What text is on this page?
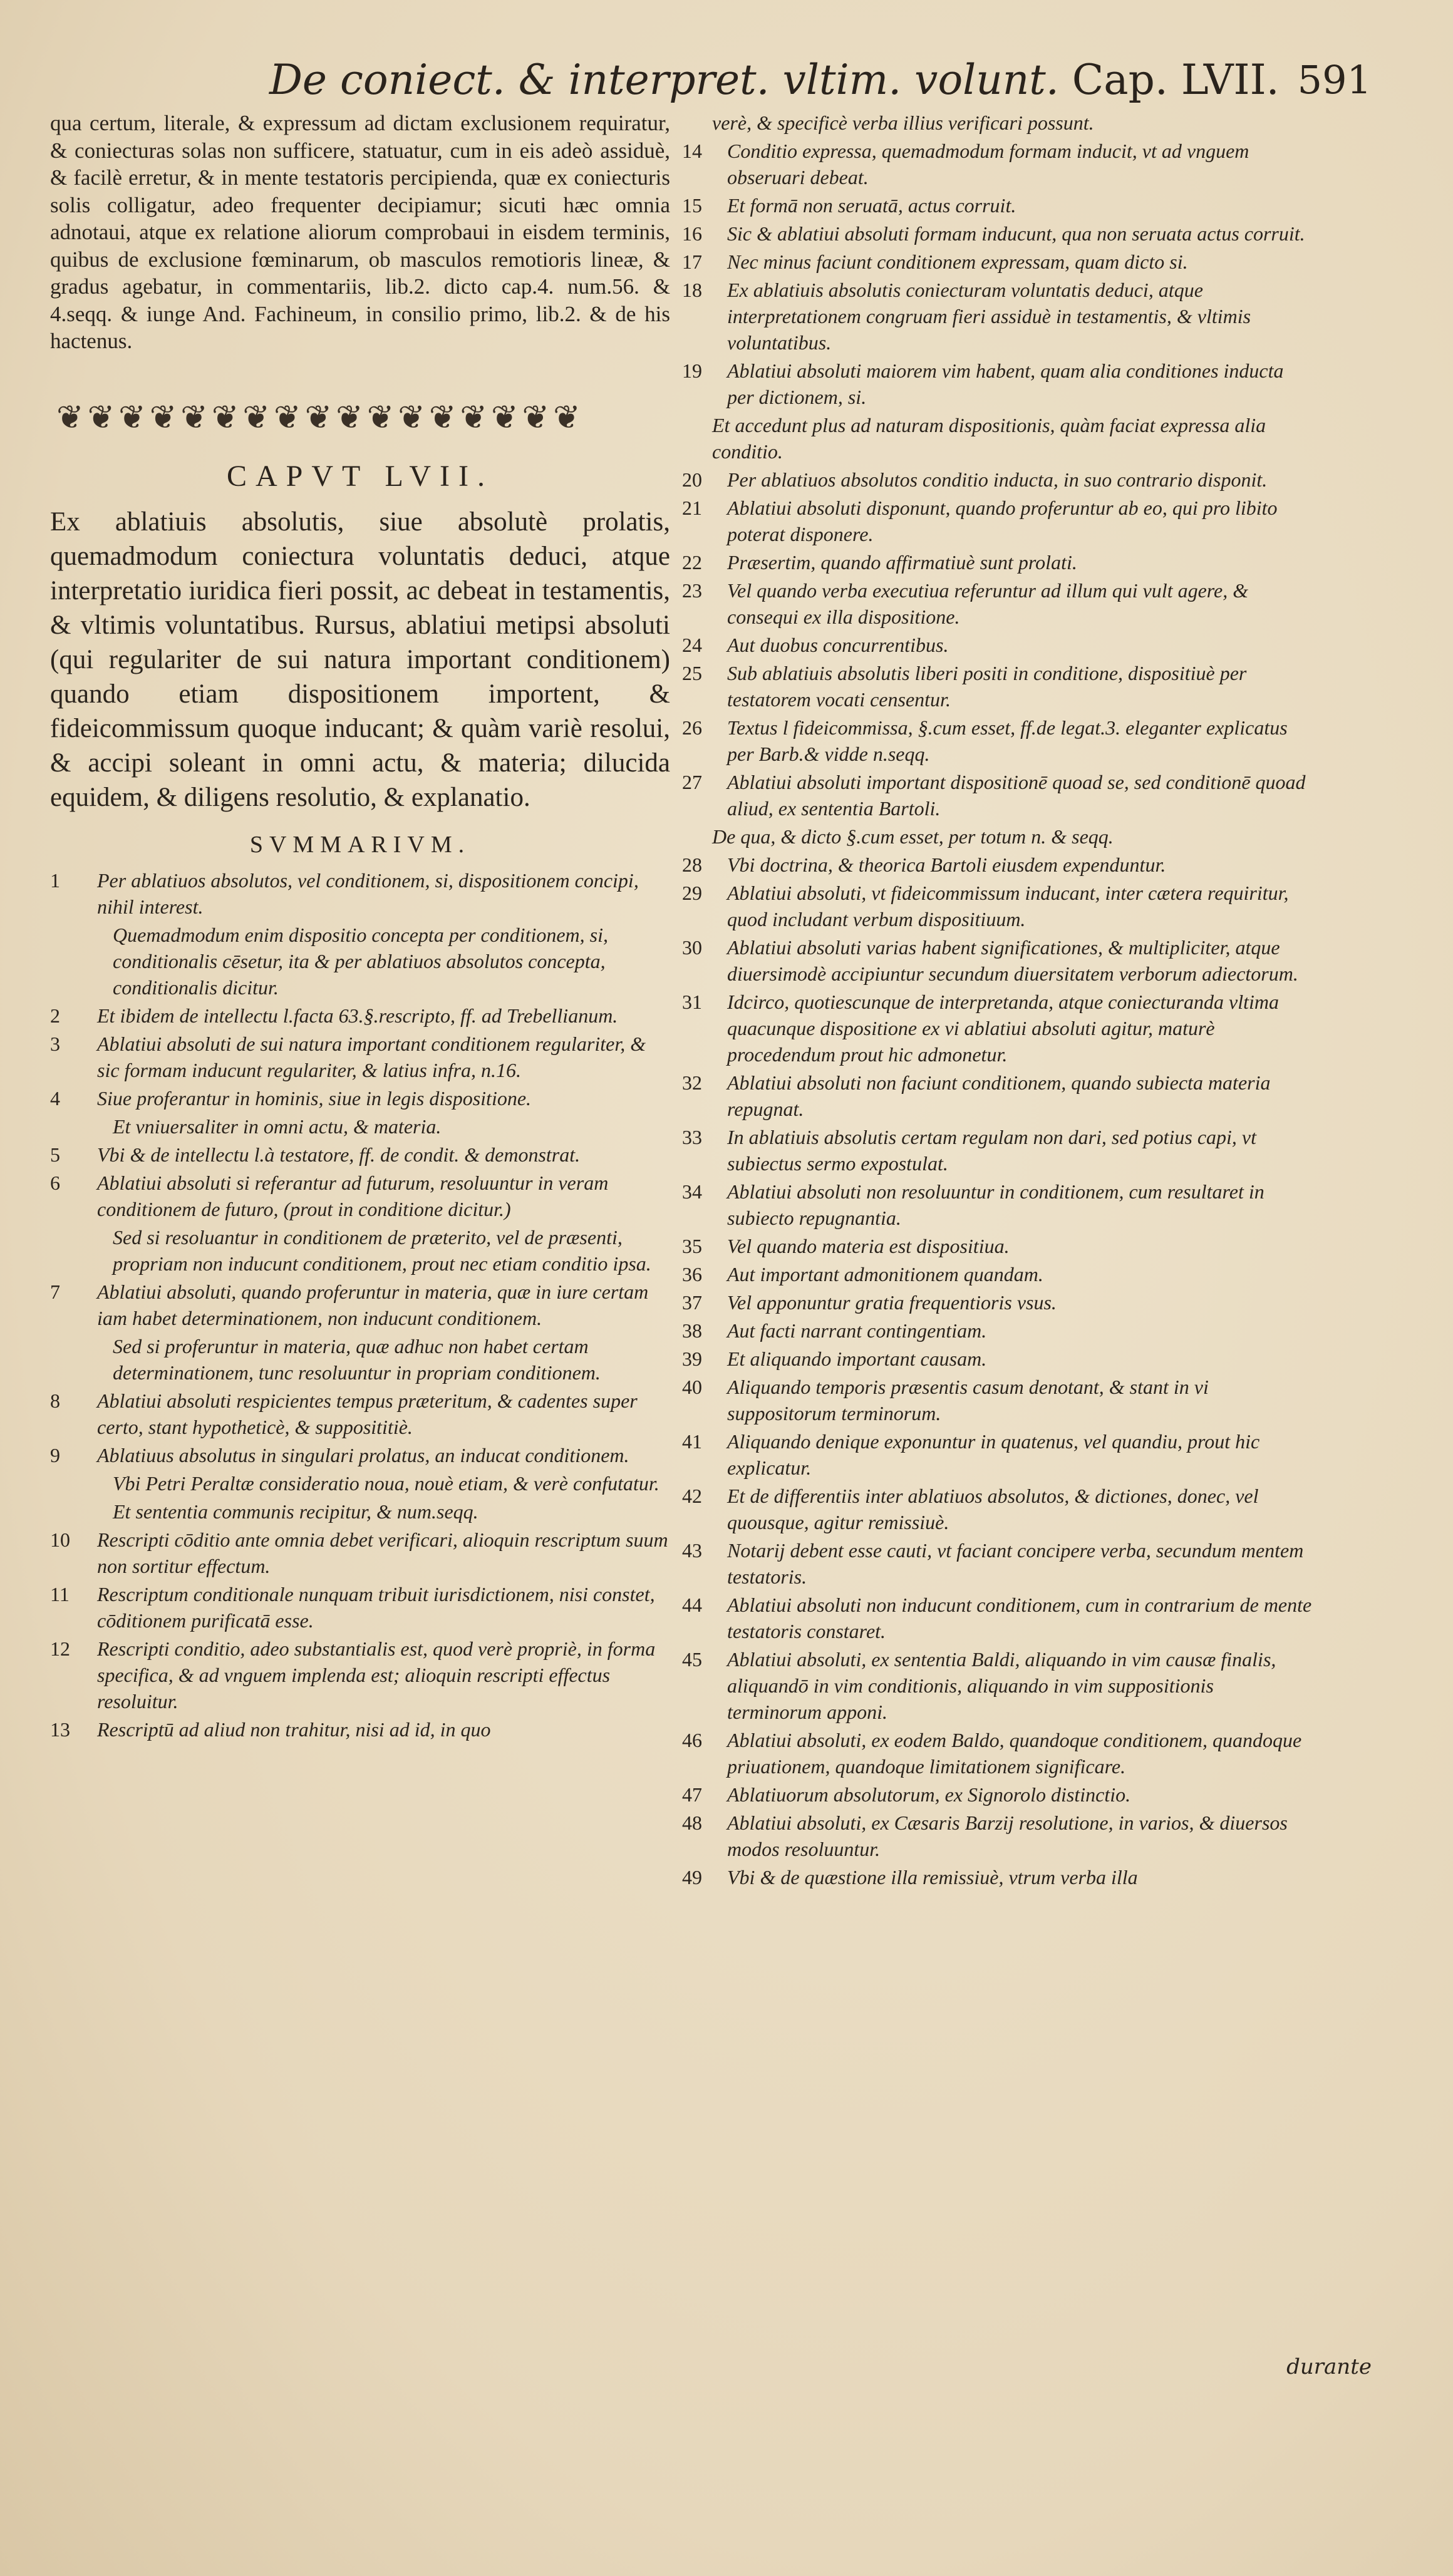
De coniect. & interpret. vltim. volunt. Cap. LVII. 591

qua certum, literale, & expressum ad dictam exclusionem requiratur, & coniecturas solas non sufficere, statuatur, cum in eis adeò assiduè, & facilè erretur, & in mente testatoris percipienda, quæ ex coniecturis solis colligatur, adeo frequenter decipiamur; sicuti hæc omnia adnotaui, atque ex relatione aliorum comprobaui in eisdem terminis, quibus de exclusione fœminarum, ob masculos remotioris lineæ, & gradus agebatur, in commentariis, lib.2. dicto cap.4. num.56. & 4.seqq. & iunge And. Fachineum, in consilio primo, lib.2. & de his hactenus.

❦❦❦❦❦❦❦❦❦❦❦❦❦❦❦❦❦
CAPVT LVII.

Ex ablatiuis absolutis, siue absolutè prolatis, quemadmodum coniectura voluntatis deduci, atque interpretatio iuridica fieri possit, ac debeat in testamentis, & vltimis voluntatibus. Rursus, ablatiui metipsi absoluti (qui regulariter de sui natura important conditionem) quando etiam dispositionem importent, & fideicommissum quoque inducant; & quàm variè resolui, & accipi soleant in omni actu, & materia; dilucida equidem, & diligens resolutio, & explanatio.

SVMMARIVM.
1	Per ablatiuos absolutos, vel conditionem, si, dispositionem concipi, nihil interest.
Quemadmodum enim dispositio concepta per conditionem, si, conditionalis cēsetur, ita & per ablatiuos absolutos concepta, conditionalis dicitur.
2	Et ibidem de intellectu l.facta 63.§.rescripto, ff. ad Trebellianum.
3	Ablatiui absoluti de sui natura important conditionem regulariter, & sic formam inducunt regulariter, & latius infra, n.16.
4	Siue proferantur in hominis, siue in legis dispositione.
Et vniuersaliter in omni actu, & materia.
5	Vbi & de intellectu l.à testatore, ff. de condit. & demonstrat.
6	Ablatiui absoluti si referantur ad futurum, resoluuntur in veram conditionem de futuro, (prout in conditione dicitur.)
Sed si resoluantur in conditionem de præterito, vel de præsenti, propriam non inducunt conditionem, prout nec etiam conditio ipsa.
7	Ablatiui absoluti, quando proferuntur in materia, quæ in iure certam iam habet determinationem, non inducunt conditionem.
Sed si proferuntur in materia, quæ adhuc non habet certam determinationem, tunc resoluuntur in propriam conditionem.
8	Ablatiui absoluti respicientes tempus præteritum, & cadentes super certo, stant hypotheticè, & supposititiè.
9	Ablatiuus absolutus in singulari prolatus, an inducat conditionem.
Vbi Petri Peraltæ consideratio noua, nouè etiam, & verè confutatur.
Et sententia communis recipitur, & num.seqq.
10	Rescripti cōditio ante omnia debet verificari, alioquin rescriptum suum non sortitur effectum.
11	Rescriptum conditionale nunquam tribuit iurisdictionem, nisi constet, cōditionem purificatā esse.
12	Rescripti conditio, adeo substantialis est, quod verè propriè, in forma specifica, & ad vnguem implenda est; alioquin rescripti effectus resoluitur.
13	Rescriptū ad aliud non trahitur, nisi ad id, in quo
verè, & specificè verba illius verificari possunt.
14	Conditio expressa, quemadmodum formam inducit, vt ad vnguem obseruari debeat.
15	Et formā non seruatā, actus corruit.
16	Sic & ablatiui absoluti formam inducunt, qua non seruata actus corruit.
17	Nec minus faciunt conditionem expressam, quam dicto si.
18	Ex ablatiuis absolutis coniecturam voluntatis deduci, atque interpretationem congruam fieri assiduè in testamentis, & vltimis voluntatibus.
19	Ablatiui absoluti maiorem vim habent, quam alia conditiones inducta per dictionem, si.
Et accedunt plus ad naturam dispositionis, quàm faciat expressa alia conditio.
20	Per ablatiuos absolutos conditio inducta, in suo contrario disponit.
21	Ablatiui absoluti disponunt, quando proferuntur ab eo, qui pro libito poterat disponere.
22	Præsertim, quando affirmatiuè sunt prolati.
23	Vel quando verba executiua referuntur ad illum qui vult agere, & consequi ex illa dispositione.
24	Aut duobus concurrentibus.
25	Sub ablatiuis absolutis liberi positi in conditione, dispositiuè per testatorem vocati censentur.
26	Textus l fideicommissa, §.cum esset, ff.de legat.3. eleganter explicatus per Barb.& vidde n.seqq.
27	Ablatiui absoluti important dispositionē quoad se, sed conditionē quoad aliud, ex sententia Bartoli.
De qua, & dicto §.cum esset, per totum n. & seqq.
28	Vbi doctrina, & theorica Bartoli eiusdem expenduntur.
29	Ablatiui absoluti, vt fideicommissum inducant, inter cætera requiritur, quod includant verbum dispositiuum.
30	Ablatiui absoluti varias habent significationes, & multipliciter, atque diuersimodè accipiuntur secundum diuersitatem verborum adiectorum.
31	Idcirco, quotiescunque de interpretanda, atque coniecturanda vltima quacunque dispositione ex vi ablatiui absoluti agitur, maturè procedendum prout hic admonetur.
32	Ablatiui absoluti non faciunt conditionem, quando subiecta materia repugnat.
33	In ablatiuis absolutis certam regulam non dari, sed potius capi, vt subiectus sermo expostulat.
34	Ablatiui absoluti non resoluuntur in conditionem, cum resultaret in subiecto repugnantia.
35	Vel quando materia est dispositiua.
36	Aut important admonitionem quandam.
37	Vel apponuntur gratia frequentioris vsus.
38	Aut facti narrant contingentiam.
39	Et aliquando important causam.
40	Aliquando temporis præsentis casum denotant, & stant in vi suppositorum terminorum.
41	Aliquando denique exponuntur in quatenus, vel quandiu, prout hic explicatur.
42	Et de differentiis inter ablatiuos absolutos, & dictiones, donec, vel quousque, agitur remissiuè.
43	Notarij debent esse cauti, vt faciant concipere verba, secundum mentem testatoris.
44	Ablatiui absoluti non inducunt conditionem, cum in contrarium de mente testatoris constaret.
45	Ablatiui absoluti, ex sententia Baldi, aliquando in vim causæ finalis, aliquandō in vim conditionis, aliquando in vim suppositionis terminorum apponi.
46	Ablatiui absoluti, ex eodem Baldo, quandoque conditionem, quandoque priuationem, quandoque limitationem significare.
47	Ablatiuorum absolutorum, ex Signorolo distinctio.
48	Ablatiui absoluti, ex Cæsaris Barzij resolutione, in varios, & diuersos modos resoluuntur.
49	Vbi & de quæstione illa remissiuè, vtrum verba illa
durante
